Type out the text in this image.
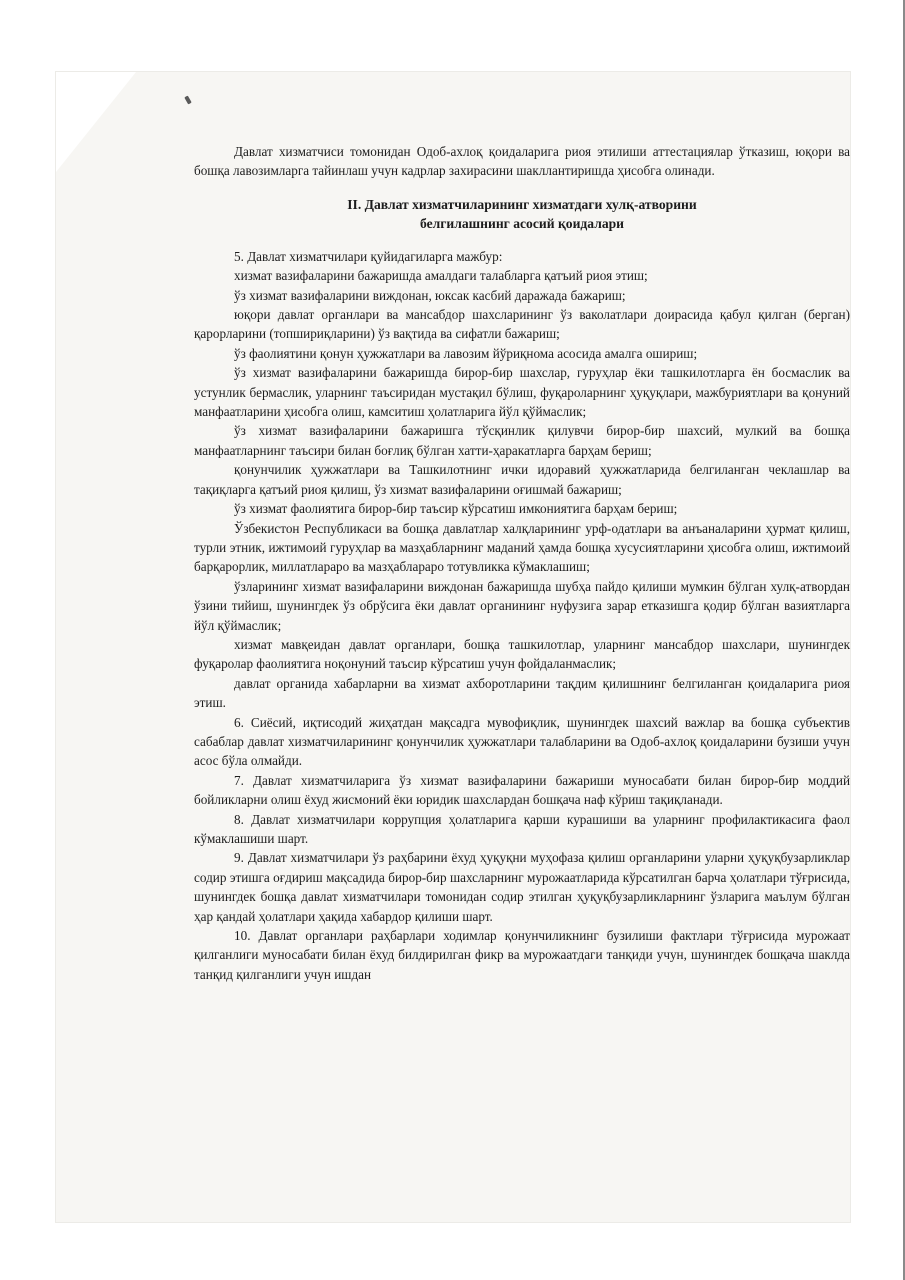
Давлат хизматчиси томонидан Одоб-ахлоқ қоидаларига риоя этилиши аттестациялар ўтказиш, юқори ва бошқа лавозимларга тайинлаш учун кадрлар захирасини шакллантиришда ҳисобга олинади.

II. Давлат хизматчиларининг хизматдаги хулқ-атворини
белгилашнинг асосий қоидалари

5. Давлат хизматчилари қуйидагиларга мажбур:

хизмат вазифаларини бажаришда амалдаги талабларга қатъий риоя этиш;

ўз хизмат вазифаларини виждонан, юксак касбий даражада бажариш;

юқори давлат органлари ва мансабдор шахсларининг ўз ваколатлари доирасида қабул қилган (берган) қарорларини (топшириқларини) ўз вақтида ва сифатли бажариш;

ўз фаолиятини қонун ҳужжатлари ва лавозим йўриқнома асосида амалга ошириш;

ўз хизмат вазифаларини бажаришда бирор-бир шахслар, гуруҳлар ёки ташкилотларга ён босмаслик ва устунлик бермаслик, уларнинг таъсиридан мустақил бўлиш, фуқароларнинг ҳуқуқлари, мажбуриятлари ва қонуний манфаатларини ҳисобга олиш, камситиш ҳолатларига йўл қўймаслик;

ўз хизмат вазифаларини бажаришга тўсқинлик қилувчи бирор-бир шахсий, мулкий ва бошқа манфаатларнинг таъсири билан боғлиқ бўлган хатти-ҳаракатларга барҳам бериш;

қонунчилик ҳужжатлари ва Ташкилотнинг ички идоравий ҳужжатларида белгиланган чеклашлар ва тақиқларга қатъий риоя қилиш, ўз хизмат вазифаларини оғишмай бажариш;

ўз хизмат фаолиятига бирор-бир таъсир кўрсатиш имкониятига барҳам бериш;

Ўзбекистон Республикаси ва бошқа давлатлар халқларининг урф-одатлари ва анъаналарини ҳурмат қилиш, турли этник, ижтимоий гуруҳлар ва мазҳабларнинг маданий ҳамда бошқа хусусиятларини ҳисобга олиш, ижтимоий барқарорлик, миллатлараро ва мазҳаблараро тотувликка кўмаклашиш;

ўзларининг хизмат вазифаларини виждонан бажаришда шубҳа пайдо қилиши мумкин бўлган хулқ-атвордан ўзини тийиш, шунингдек ўз обрўсига ёки давлат органининг нуфузига зарар етказишга қодир бўлган вазиятларга йўл қўймаслик;

хизмат мавқеидан давлат органлари, бошқа ташкилотлар, уларнинг мансабдор шахслари, шунингдек фуқаролар фаолиятига ноқонуний таъсир кўрсатиш учун фойдаланмаслик;

давлат органида хабарларни ва хизмат ахборотларини тақдим қилишнинг белгиланган қоидаларига риоя этиш.

6. Сиёсий, иқтисодий жиҳатдан мақсадга мувофиқлик, шунингдек шахсий важлар ва бошқа субъектив сабаблар давлат хизматчиларининг қонунчилик ҳужжатлари талабларини ва Одоб-ахлоқ қоидаларини бузиши учун асос бўла олмайди.

7. Давлат хизматчиларига ўз хизмат вазифаларини бажариши муносабати билан бирор-бир моддий бойликларни олиш ёхуд жисмоний ёки юридик шахслардан бошқача наф кўриш тақиқланади.

8. Давлат хизматчилари коррупция ҳолатларига қарши курашиши ва уларнинг профилактикасига фаол кўмаклашиши шарт.

9. Давлат хизматчилари ўз раҳбарини ёхуд ҳуқуқни муҳофаза қилиш органларини уларни ҳуқуқбузарликлар содир этишга оғдириш мақсадида бирор-бир шахсларнинг мурожаатларида кўрсатилган барча ҳолатлари тўғрисида, шунингдек бошқа давлат хизматчилари томонидан содир этилган ҳуқуқбузарликларнинг ўзларига маълум бўлган ҳар қандай ҳолатлари ҳақида хабардор қилиши шарт.

10. Давлат органлари раҳбарлари ходимлар қонунчиликнинг бузилиши фактлари тўғрисида мурожаат қилганлиги муносабати билан ёхуд билдирилган фикр ва мурожаатдаги танқиди учун, шунингдек бошқача шаклда танқид қилганлиги учун ишдан
